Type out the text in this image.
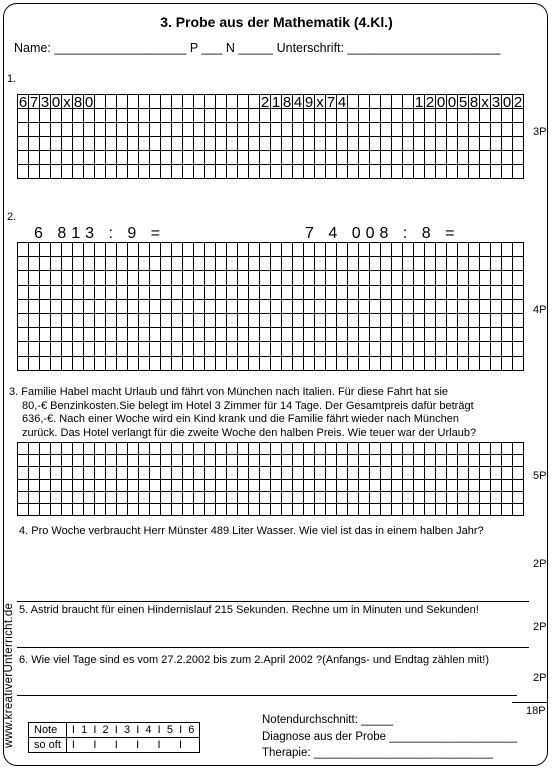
3. Probe aus der Mathematik (4.Kl.)
Name: ___________________ P ___ N _____ Unterschrift: ______________________
1.
6 7 3 0 x 8 0	2 1 8 4 9 x 7 4	1 2 0 0 5 8 x 3 0 2
3P
2.
6 813 : 9 =	7 4 008 : 8 =
4P
3. Familie Habel macht Urlaub und fährt von München nach Italien. Für diese Fahrt hat sie
80,-€ Benzinkosten.Sie belegt im Hotel 3 Zimmer für 14 Tage. Der Gesamtpreis dafür beträgt
636,-€. Nach einer Woche wird ein Kind krank und die Familie fährt wieder nach München
zurück. Das Hotel verlangt für die zweite Woche den halben Preis. Wie teuer war der Urlaub?
5P
4. Pro Woche verbraucht Herr Münster 489 Liter Wasser. Wie viel ist das in einem halben Jahr?
2P
5. Astrid braucht für einen Hindernislauf 215 Sekunden. Rechne um in Minuten und Sekunden!
2P
6. Wie viel Tage sind es vom 27.2.2002 bis zum 2.April 2002 ?(Anfangs- und Endtag zählen mit!)
2P
18P
Note	I 1 I 2 I 3 I 4 I 5 I 6
so oft	I I I I I I
Notendurchschnitt: _____
Diagnose aus der Probe ____________________
Therapie: ____________________________
www.kreativerUnterricht.de
